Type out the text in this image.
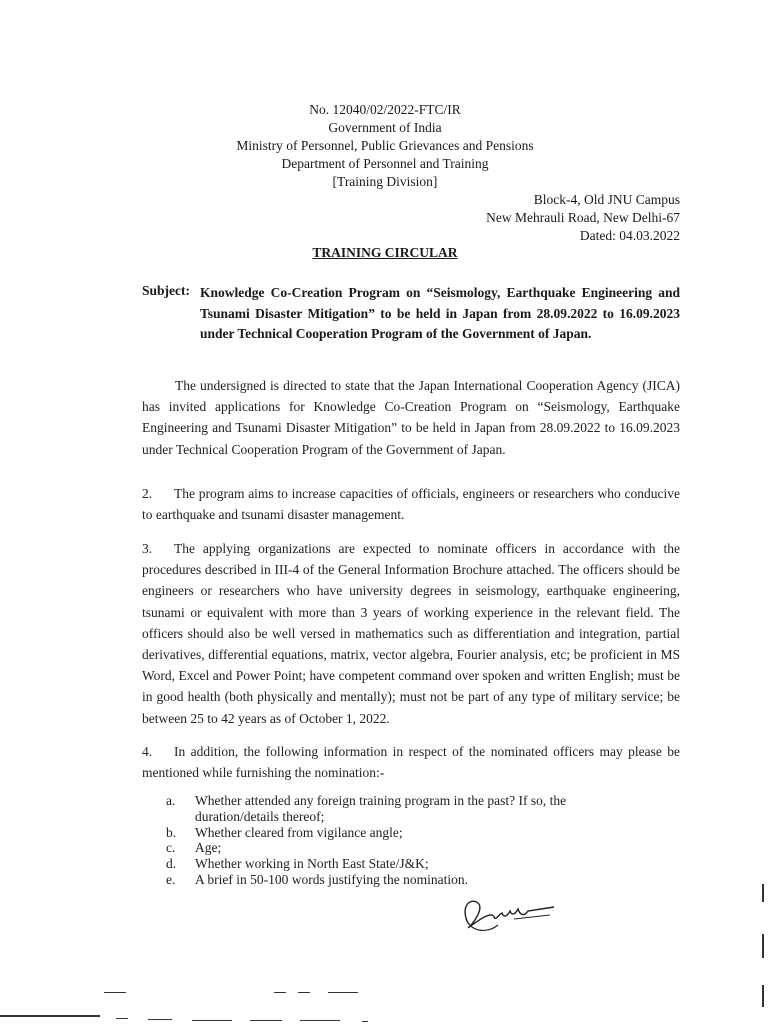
No. 12040/02/2022-FTC/IR
Government of India
Ministry of Personnel, Public Grievances and Pensions
Department of Personnel and Training
[Training Division]
Block-4, Old JNU Campus
New Mehrauli Road, New Delhi-67
Dated: 04.03.2022
TRAINING CIRCULAR
Subject: Knowledge Co-Creation Program on “Seismology, Earthquake Engineering and Tsunami Disaster Mitigation” to be held in Japan from 28.09.2022 to 16.09.2023 under Technical Cooperation Program of the Government of Japan.
The undersigned is directed to state that the Japan International Cooperation Agency (JICA) has invited applications for Knowledge Co-Creation Program on “Seismology, Earthquake Engineering and Tsunami Disaster Mitigation” to be held in Japan from 28.09.2022 to 16.09.2023 under Technical Cooperation Program of the Government of Japan.
2. The program aims to increase capacities of officials, engineers or researchers who conducive to earthquake and tsunami disaster management.
3. The applying organizations are expected to nominate officers in accordance with the procedures described in III-4 of the General Information Brochure attached. The officers should be engineers or researchers who have university degrees in seismology, earthquake engineering, tsunami or equivalent with more than 3 years of working experience in the relevant field. The officers should also be well versed in mathematics such as differentiation and integration, partial derivatives, differential equations, matrix, vector algebra, Fourier analysis, etc; be proficient in MS Word, Excel and Power Point; have competent command over spoken and written English; must be in good health (both physically and mentally); must not be part of any type of military service; be between 25 to 42 years as of October 1, 2022.
4. In addition, the following information in respect of the nominated officers may please be mentioned while furnishing the nomination:-
a.	Whether attended any foreign training program in the past? If so, the duration/details thereof;
b.	Whether cleared from vigilance angle;
c.	Age;
d.	Whether working in North East State/J&K;
e.	A brief in 50-100 words justifying the nomination.
